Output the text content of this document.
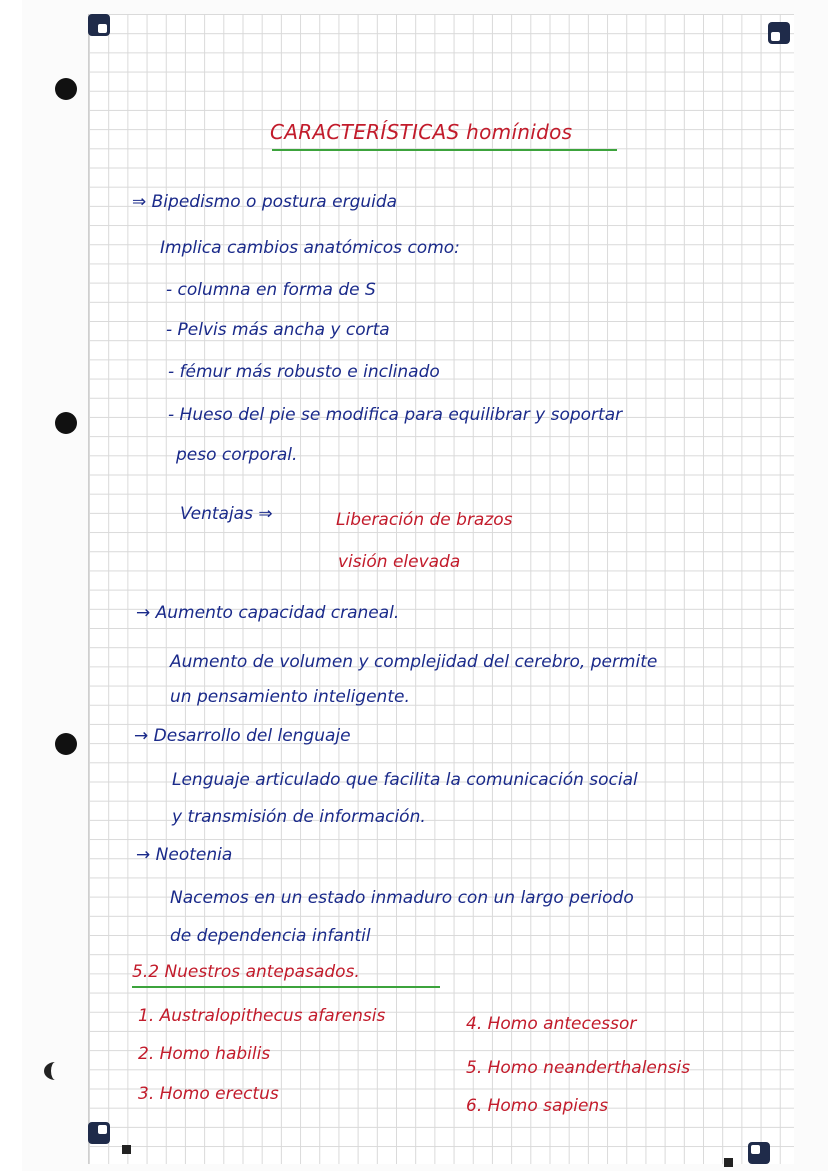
CARACTERÍSTICAS homínidos
⇒ Bipedismo o postura erguida
Implica cambios anatómicos como:
- columna en forma de S
- Pelvis más ancha y corta
- fémur más robusto e inclinado
- Hueso del pie se modifica para equilibrar y soportar
peso corporal.
Ventajas ⇒	Liberación de brazos
visión elevada
→ Aumento capacidad craneal.
Aumento de volumen y complejidad del cerebro, permite
un pensamiento inteligente.
→ Desarrollo del lenguaje
Lenguaje articulado que facilita la comunicación social
y transmisión de información.
→ Neotenia
Nacemos en un estado inmaduro con un largo periodo
de dependencia infantil
5.2 Nuestros antepasados.
1. Australopithecus afarensis
2. Homo habilis
3. Homo erectus
4. Homo antecessor
5. Homo neanderthalensis
6. Homo sapiens
